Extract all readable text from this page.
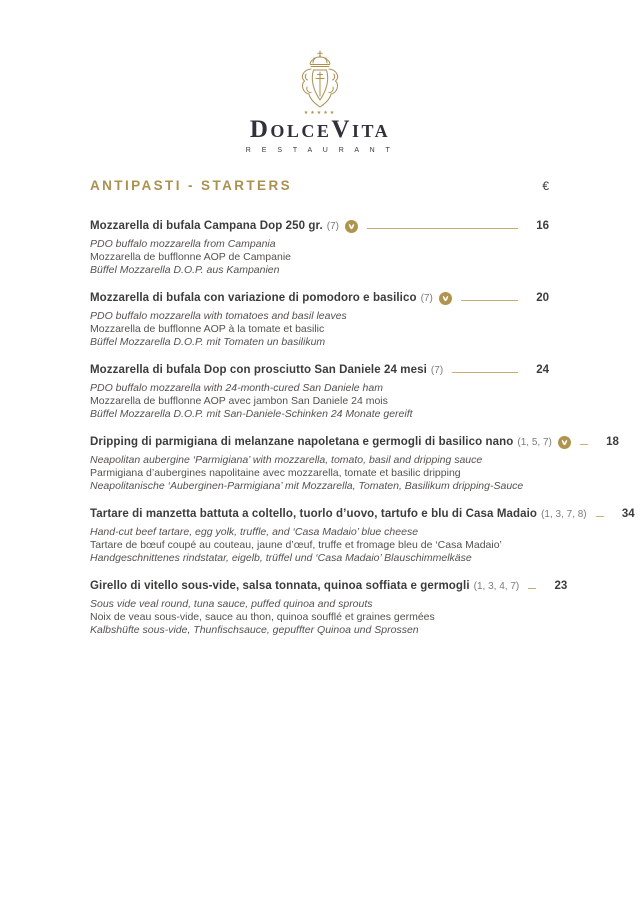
★★★★★
DolceVita
R E S T A U R A N T
ANTIPASTI - STARTERS	€
Mozzarella di bufala Campana Dop 250 gr. (7)	16

PDO buffalo mozzarella from Campania

Mozzarella de bufflonne AOP de Campanie

Büffel Mozzarella D.O.P. aus Kampanien

Mozzarella di bufala con variazione di pomodoro e basilico (7)	20

PDO buffalo mozzarella with tomatoes and basil leaves

Mozzarella de bufflonne AOP à la tomate et basilic

Büffel Mozzarella D.O.P. mit Tomaten un basilikum

Mozzarella di bufala Dop con prosciutto San Daniele 24 mesi (7)	24

PDO buffalo mozzarella with 24-month-cured San Daniele ham

Mozzarella de bufflonne AOP avec jambon San Daniele 24 mois

Büffel Mozzarella D.O.P. mit San-Daniele-Schinken 24 Monate gereift

Dripping di parmigiana di melanzane napoletana e germogli di basilico nano (1, 5, 7)	18

Neapolitan aubergine ‘Parmigiana’ with mozzarella, tomato, basil and dripping sauce

Parmigiana d’aubergines napolitaine avec mozzarella, tomate et basilic dripping

Neapolitanische ‘Auberginen-Parmigiana’ mit Mozzarella, Tomaten, Basilikum dripping-Sauce

Tartare di manzetta battuta a coltello, tuorlo d’uovo, tartufo e blu di Casa Madaio (1, 3, 7, 8)	34

Hand-cut beef tartare, egg yolk, truffle, and ‘Casa Madaio’ blue cheese

Tartare de bœuf coupé au couteau, jaune d’œuf, truffe et fromage bleu de ‘Casa Madaio’

Handgeschnittenes rindstatar, eigelb, trüffel und ‘Casa Madaio’ Blauschimmelkäse

Girello di vitello sous-vide, salsa tonnata, quinoa soffiata e germogli (1, 3, 4, 7)	23

Sous vide veal round, tuna sauce, puffed quinoa and sprouts

Noix de veau sous-vide, sauce au thon, quinoa soufflé et graines germées

Kalbshüfte sous-vide, Thunfischsauce, gepuffter Quinoa und Sprossen
